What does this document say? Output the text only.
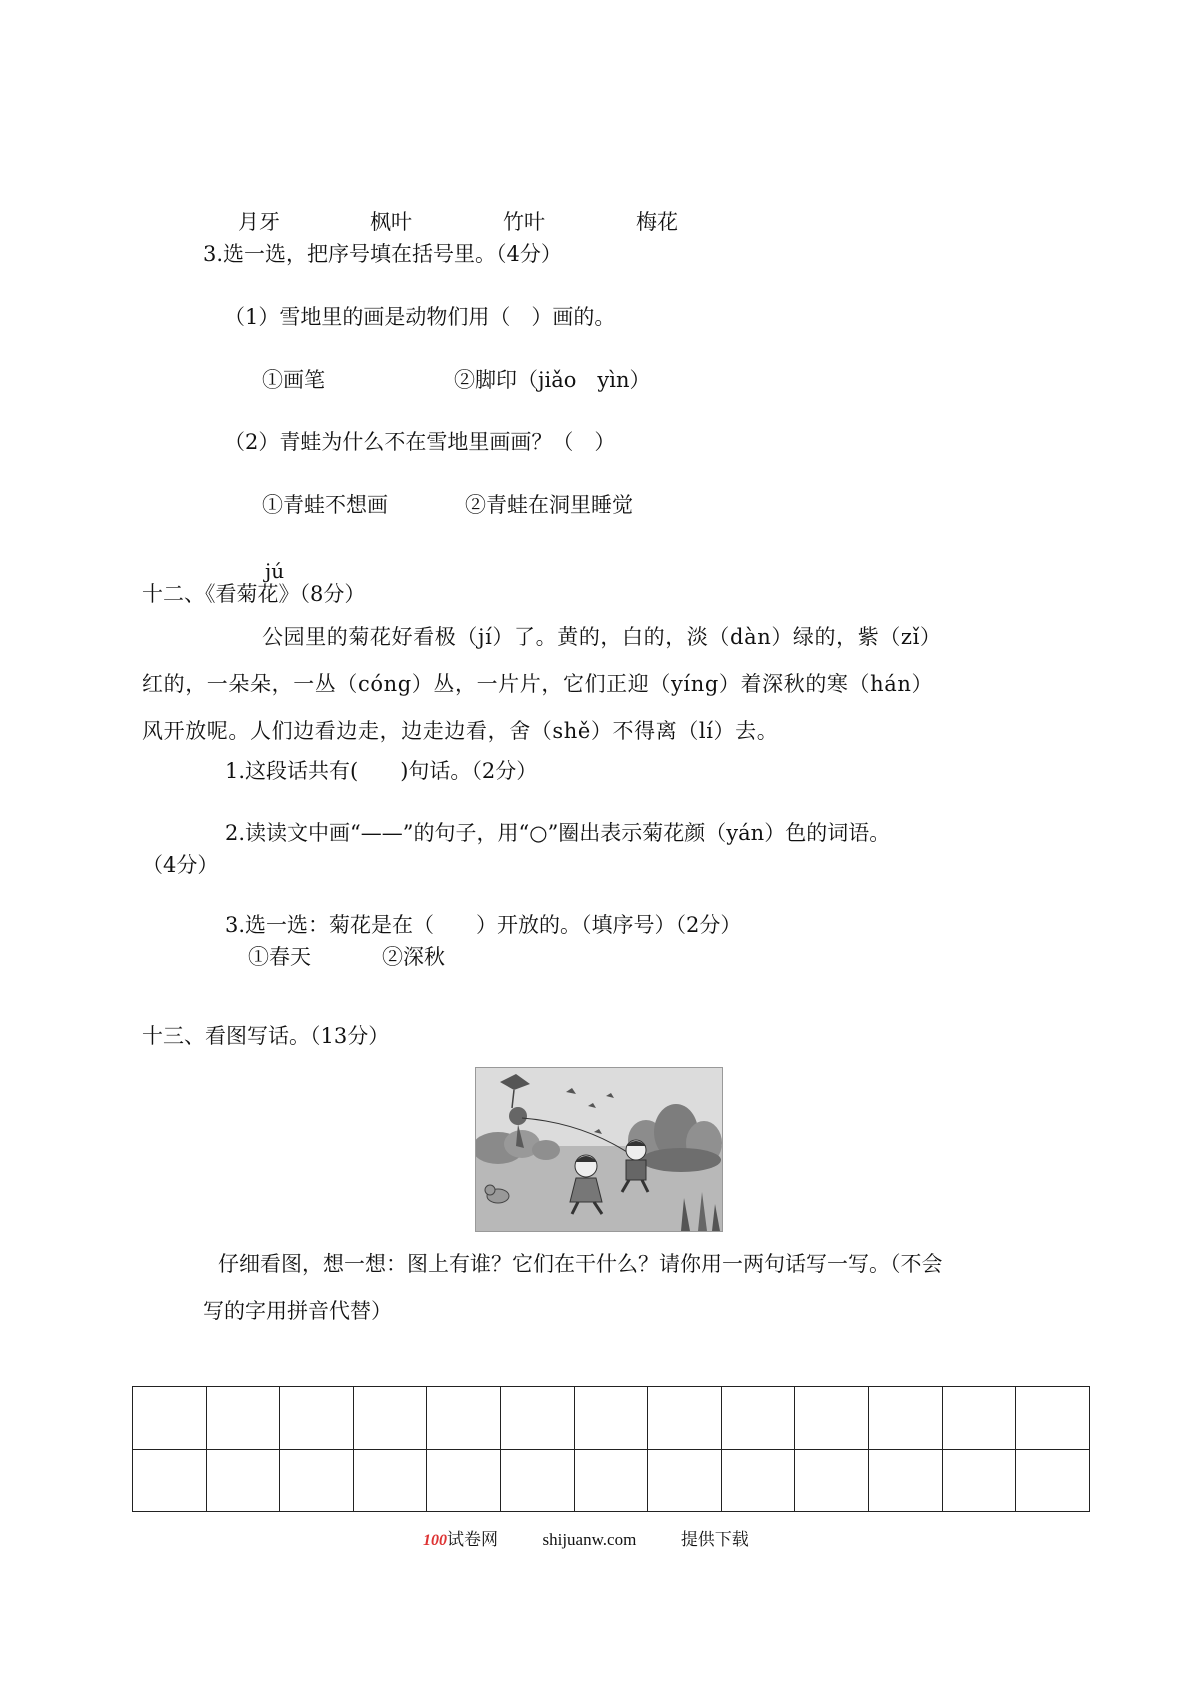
月牙	枫叶	竹叶	梅花
3.选一选，把序号填在括号里。（4分）
（1）雪地里的画是动物们用（　）画的。
①画笔	②脚印（jiǎo　yìn）
（2）青蛙为什么不在雪地里画画？（　）
①青蛙不想画	②青蛙在洞里睡觉
jú
十二、《看菊花》（8分）
公园里的菊花好看极（jí）了。黄的，白的，淡（dàn）绿的，紫（zǐ）
红的，一朵朵，一丛（cóng）丛，一片片，它们正迎（yíng）着深秋的寒（hán）
风开放呢。人们边看边走，边走边看，舍（shě）不得离（lí）去。
1.这段话共有(　　)句话。（2分）
2.读读文中画“——”的句子，用“○”圈出表示菊花颜（yán）色的词语。
（4分）
3.选一选：菊花是在（　　）开放的。（填序号）（2分）
①春天	②深秋
十三、看图写话。（13分）
仔细看图，想一想：图上有谁？它们在干什么？请你用一两句话写一写。（不会
写的字用拼音代替）

100试卷网	shijuanw.com	提供下载
